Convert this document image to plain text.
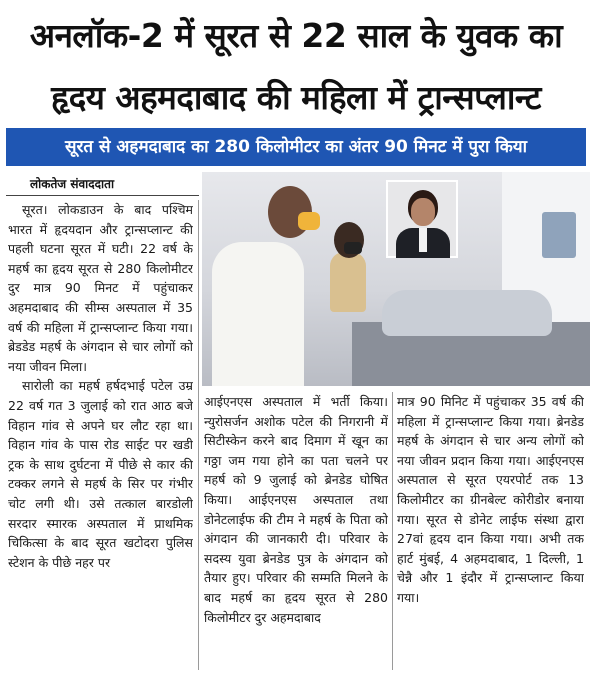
अनलॉक-2 में सूरत से 22 साल के युवक का
हृदय अहमदाबाद की महिला में ट्रान्सप्लान्ट
सूरत से अहमदाबाद का 280 किलोमीटर का अंतर 90 मिनट में पुरा किया
लोकतेज संवाददाता

सूरत। लोकडाउन के बाद पश्चिम भारत में हृदयदान और ट्रान्सप्लान्ट की पहली घटना सूरत में घटी। 22 वर्ष के महर्ष का हृदय सूरत से 280 किलोमीटर दुर मात्र 90 मिनट में पहुंचाकर अहमदाबाद की सीम्स अस्पताल में 35 वर्ष की महिला में ट्रान्सप्लान्ट किया गया। ब्रेडडेड महर्ष के अंगदान से चार लोगों को नया जीवन मिला।

सारोली का महर्ष हर्षदभाई पटेल उम्र 22 वर्ष गत 3 जुलाई को रात आठ बजे विहान गांव से अपने घर लौट रहा था। विहान गांव के पास रोड साईट पर खडी ट्रक के साथ दुर्घटना में पीछे से कार की टक्कर लगने से महर्ष के सिर पर गंभीर चोट लगी थी। उसे तत्काल बारडोली सरदार स्मारक अस्पताल में प्राथमिक चिकित्सा के बाद सूरत खटोदरा पुलिस स्टेशन के पीछे नहर पर

आईएनएस अस्पताल में भर्ती किया। न्युरोसर्जन अशोक पटेल की निगरानी में सिटीस्केन करने बाद दिमाग में खून का गठ्ठा जम गया होने का पता चलने पर महर्ष को 9 जुलाई को ब्रेनडेड घोषित किया। आईएनएस अस्पताल तथा डोनेटलाईफ की टीम ने महर्ष के पिता को अंगदान की जानकारी दी। परिवार के सदस्य युवा ब्रेनडेड पुत्र के अंगदान को तैयार हुए। परिवार की सम्मति मिलने के बाद महर्ष का हृदय सूरत से 280 किलोमीटर दुर अहमदाबाद

मात्र 90 मिनिट में पहुंचाकर 35 वर्ष की महिला में ट्रान्सप्लान्ट किया गया। ब्रेनडेड महर्ष के अंगदान से चार अन्य लोगों को नया जीवन प्रदान किया गया। आईएनएस अस्पताल से सूरत एयरपोर्ट तक 13 किलोमीटर का ग्रीनबेल्ट कोरीडोर बनाया गया। सूरत से डोनेट लाईफ संस्था द्वारा 27वां हृदय दान किया गया। अभी तक हार्ट मुंबई, 4 अहमदाबाद, 1 दिल्ली, 1 चेन्नै और 1 इंदौर में ट्रान्सप्लान्ट किया गया।
